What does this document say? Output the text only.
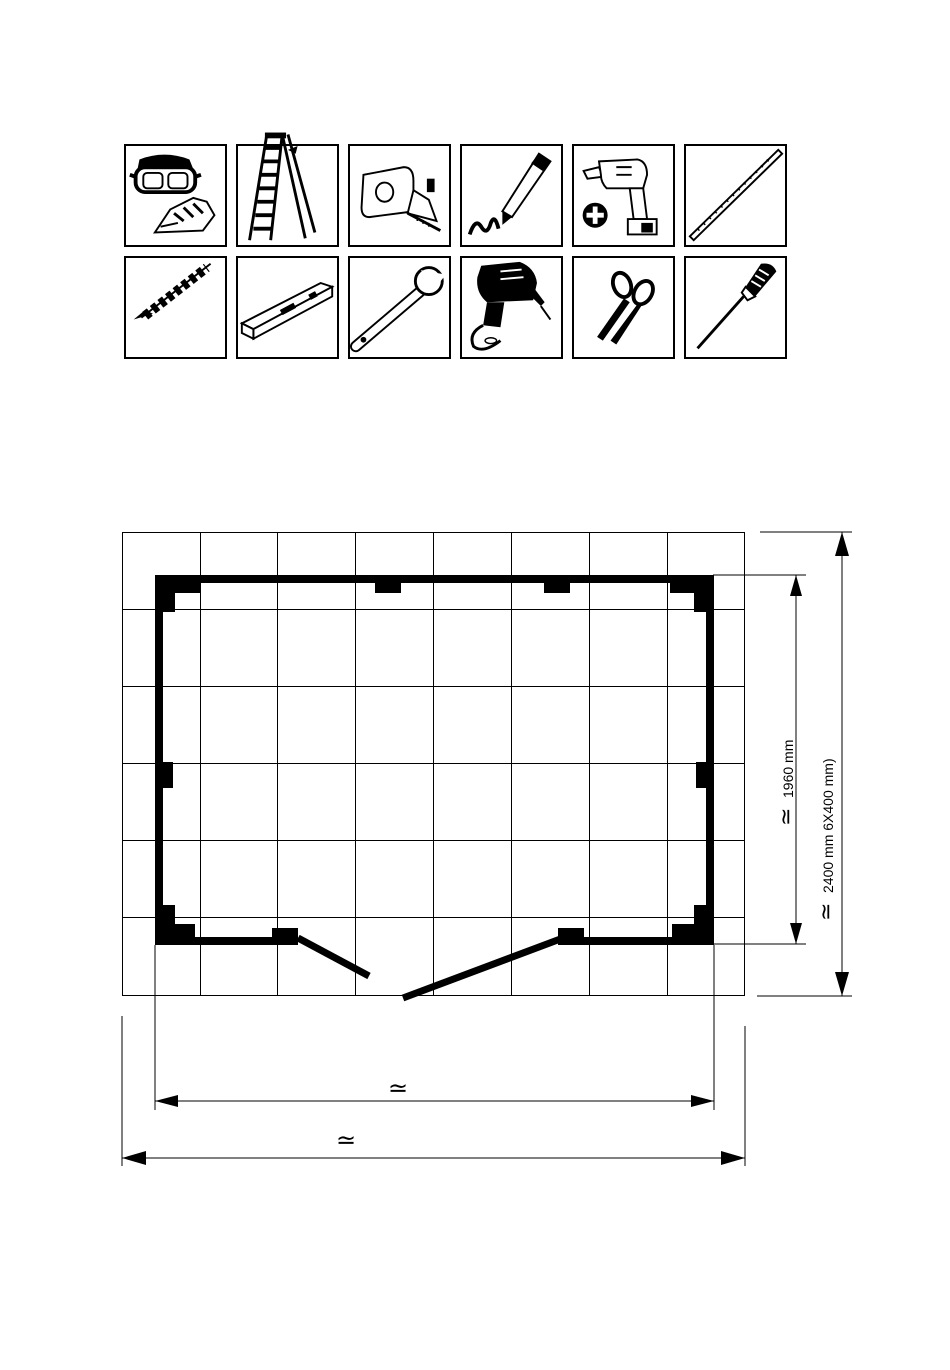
≃
≃
≃
1960 mm
≃
2400 mm 6X400 mm)
